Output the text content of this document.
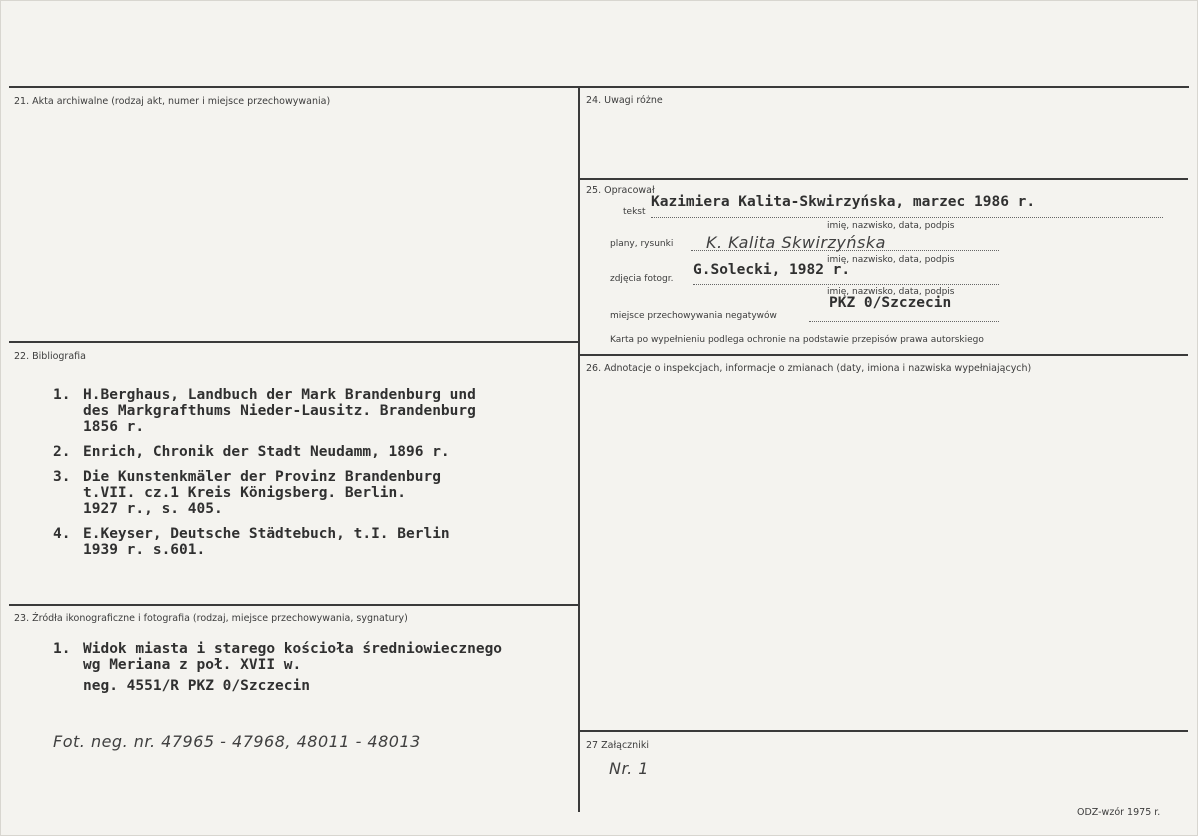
21. Akta archiwalne (rodzaj akt, numer i miejsce przechowywania)
22. Bibliografia
1. H.Berghaus, Landbuch der Mark Brandenburg und
des Markgrafthums Nieder-Lausitz. Brandenburg
1856 r.
2. Enrich, Chronik der Stadt Neudamm, 1896 r.
3. Die Kunstenkmäler der Provinz Brandenburg
t.VII. cz.1 Kreis Königsberg. Berlin.
1927 r., s. 405.
4. E.Keyser, Deutsche Städtebuch, t.I. Berlin
1939 r. s.601.
23. Źródła ikonograficzne i fotografia (rodzaj, miejsce przechowywania, sygnatury)
1. Widok miasta i starego kościoła średniowiecznego
wg Meriana z poł. XVII w.
neg. 4551/R PKZ 0/Szczecin
Fot. neg. nr. 47965 - 47968, 48011 - 48013
24. Uwagi różne
25. Opracował
tekst
Kazimiera Kalita-Skwirzyńska, marzec 1986 r.
imię, nazwisko, data, podpis
plany, rysunki K. Kalita Skwirzyńska
imię, nazwisko, data, podpis
zdjęcia fotogr.
G.Solecki, 1982 r.
imię, nazwisko, data, podpis
miejsce przechowywania negatywów
PKZ 0/Szczecin
Karta po wypełnieniu podlega ochronie na podstawie przepisów prawa autorskiego
26. Adnotacje o inspekcjach, informacje o zmianach (daty, imiona i nazwiska wypełniających)
27 Załączniki
Nr. 1
ODZ-wzór 1975 r.
